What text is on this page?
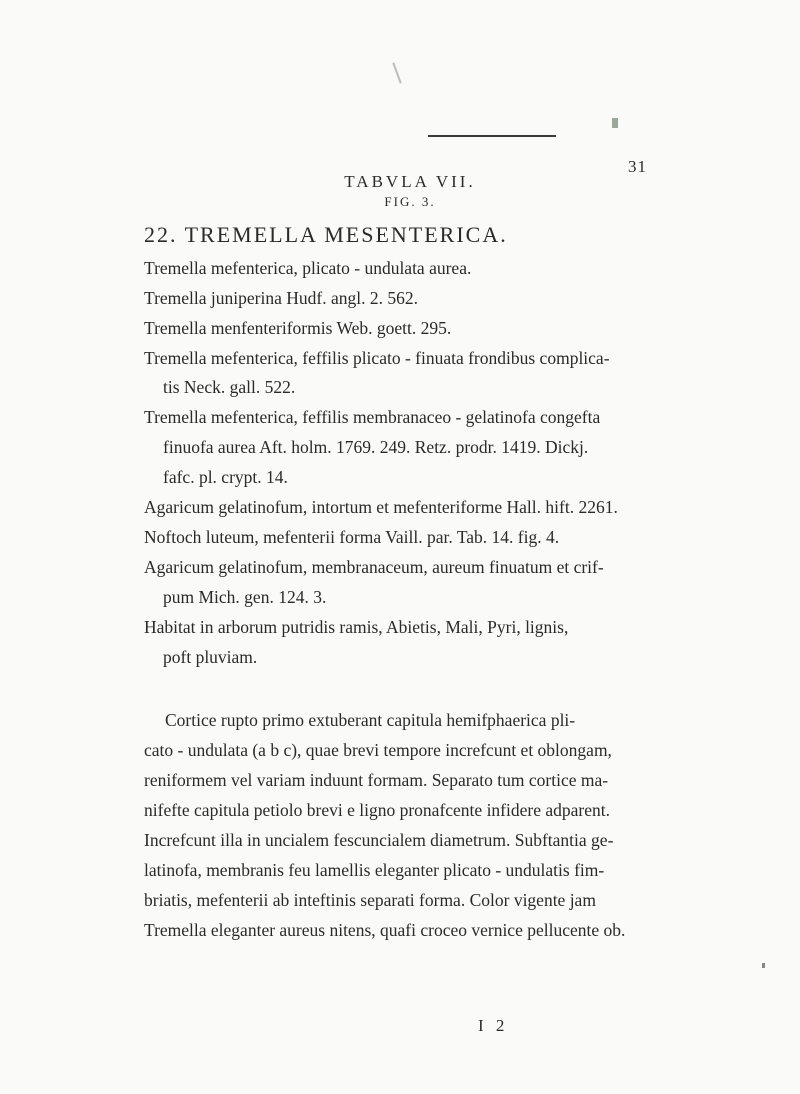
31
TABVLA VII.
FIG. 3.
22. TREMELLA MESENTERICA.
Tremella mefenterica, plicato - undulata aurea.
Tremella juniperina Hudf. angl. 2. 562.
Tremella menfenteriformis Web. goett. 295.
Tremella mefenterica, feffilis plicato - finuata frondibus complica-
tis Neck. gall. 522.
Tremella mefenterica, feffilis membranaceo - gelatinofa congefta
finuofa aurea Aft. holm. 1769. 249. Retz. prodr. 1419. Dickj.
fafc. pl. crypt. 14.
Agaricum gelatinofum, intortum et mefenteriforme Hall. hift. 2261.
Noftoch luteum, mefenterii forma Vaill. par. Tab. 14. fig. 4.
Agaricum gelatinofum, membranaceum, aureum finuatum et crif-
pum Mich. gen. 124. 3.
Habitat in arborum putridis ramis, Abietis, Mali, Pyri, lignis,
poft pluviam.
Cortice rupto primo extuberant capitula hemifphaerica pli-
cato - undulata (a b c), quae brevi tempore increfcunt et oblongam,
reniformem vel variam induunt formam. Separato tum cortice ma-
nifefte capitula petiolo brevi e ligno pronafcente infidere adparent.
Increfcunt illa in uncialem fescuncialem diametrum. Subftantia ge-
latinofa, membranis feu lamellis eleganter plicato - undulatis fim-
briatis, mefenterii ab inteftinis separati forma. Color vigente jam
Tremella eleganter aureus nitens, quafi croceo vernice pellucente ob.
I 2
